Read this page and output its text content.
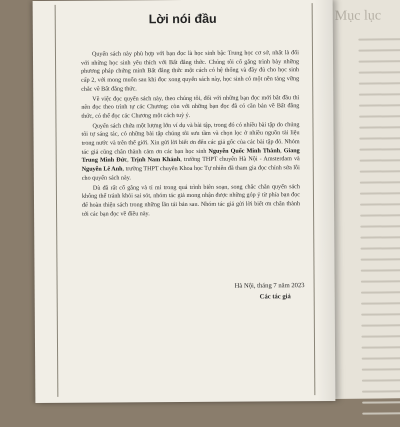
Mục lục
Lời nói đầu

Quyển sách này phù hợp với bạn đọc là học sinh bậc Trung học cơ sở, nhất là đối với những học sinh yêu thích với Bất đẳng thức. Chúng tôi cố gắng trình bày những phương pháp chứng minh Bất đẳng thức một cách có hệ thống và đầy đủ cho học sinh cấp 2, với mong muốn sau khi đọc xong quyển sách này, học sinh có một nền tảng vững chắc về Bất đẳng thức.

Về việc đọc quyển sách này, theo chúng tôi, đối với những bạn đọc mới bắt đầu thì nên đọc theo trình tự các Chương; còn với những bạn đọc đã có căn bản về Bất đẳng thức, có thể đọc các Chương một cách tuỳ ý.

Quyển sách chứa một lượng lớn ví dụ và bài tập, trong đó có nhiều bài tập do chúng tôi tự sáng tác, có những bài tập chúng tôi sưu tầm và chọn lọc ở nhiều nguồn tài liệu trong nước và trên thế giới. Xin gửi lời biết ơn đến các giả gốc của các bài tập đó. Nhóm tác giả cũng chân thành cảm ơn các bạn học sinh Nguyễn Quốc Minh Thành, Giang Trung Minh Đức, Trịnh Nam Khánh, trường THPT chuyên Hà Nội - Amsterdam và Nguyễn Lê Anh, trường THPT chuyên Khoa học Tự nhiên đã tham gia đọc chỉnh sửa lỗi cho quyển sách này.

Dù đã rất cố gắng và tỉ mỉ trong quá trình biên soạn, song chắc chắn quyển sách không thể tránh khỏi sai sót, nhóm tác giả mong nhận được những góp ý từ phía bạn đọc để hoàn thiện sách trong những lần tái bản sau. Nhóm tác giả gửi lời biết ơn chân thành tới các bạn đọc về điều này.

Hà Nội, tháng 7 năm 2023
Các tác giả
